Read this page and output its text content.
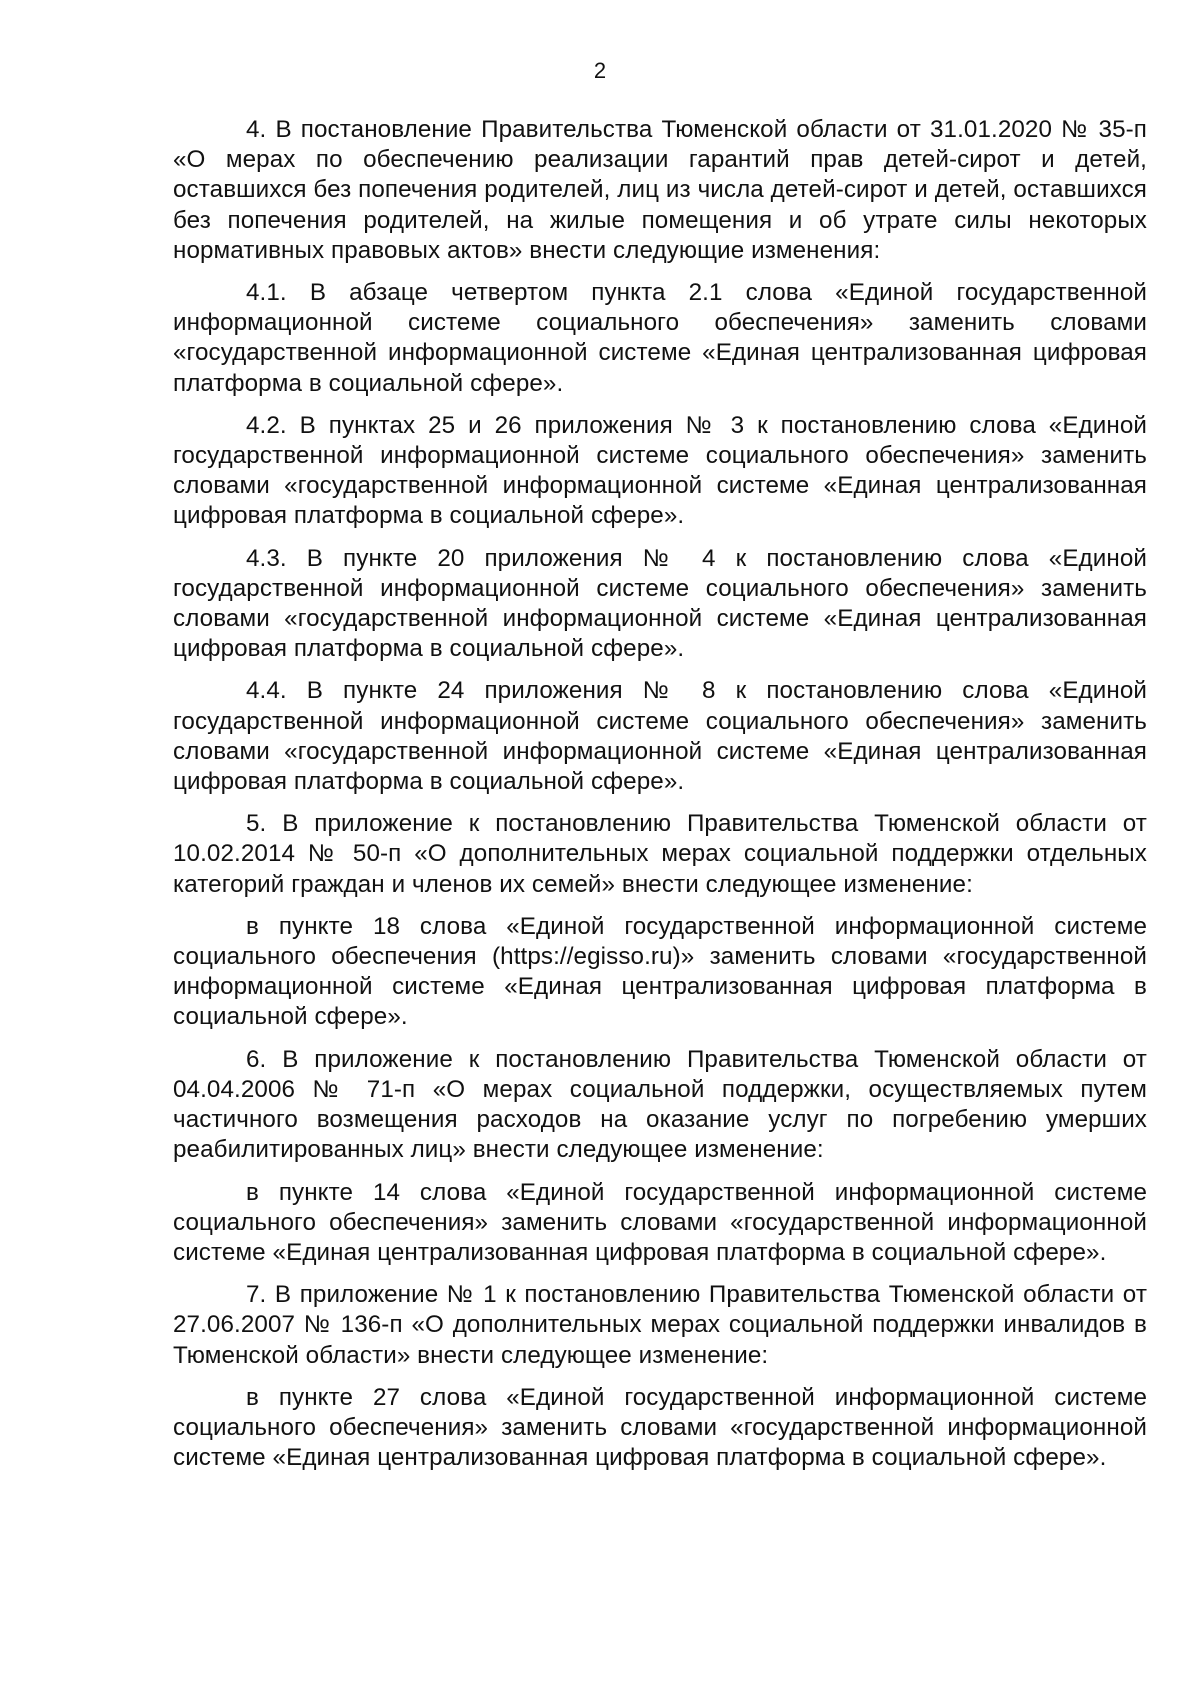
2

4. В постановление Правительства Тюменской области от 31.01.2020 № 35-п «О мерах по обеспечению реализации гарантий прав детей-сирот и детей, оставшихся без попечения родителей, лиц из числа детей-сирот и детей, оставшихся без попечения родителей, на жилые помещения и об утрате силы некоторых нормативных правовых актов» внести следующие изменения:

4.1. В абзаце четвертом пункта 2.1 слова «Единой государственной информационной системе социального обеспечения» заменить словами «государственной информационной системе «Единая централизованная цифровая платформа в социальной сфере».

4.2. В пунктах 25 и 26 приложения № 3 к постановлению слова «Единой государственной информационной системе социального обеспечения» заменить словами «государственной информационной системе «Единая централизованная цифровая платформа в социальной сфере».

4.3. В пункте 20 приложения № 4 к постановлению слова «Единой государственной информационной системе социального обеспечения» заменить словами «государственной информационной системе «Единая централизованная цифровая платформа в социальной сфере».

4.4. В пункте 24 приложения № 8 к постановлению слова «Единой государственной информационной системе социального обеспечения» заменить словами «государственной информационной системе «Единая централизованная цифровая платформа в социальной сфере».

5. В приложение к постановлению Правительства Тюменской области от 10.02.2014 № 50-п «О дополнительных мерах социальной поддержки отдельных категорий граждан и членов их семей» внести следующее изменение:

в пункте 18 слова «Единой государственной информационной системе социального обеспечения (https://egisso.ru)» заменить словами «государственной информационной системе «Единая централизованная цифровая платформа в социальной сфере».

6. В приложение к постановлению Правительства Тюменской области от 04.04.2006 № 71-п «О мерах социальной поддержки, осуществляемых путем частичного возмещения расходов на оказание услуг по погребению умерших реабилитированных лиц» внести следующее изменение:

в пункте 14 слова «Единой государственной информационной системе социального обеспечения» заменить словами «государственной информационной системе «Единая централизованная цифровая платформа в социальной сфере».

7. В приложение № 1 к постановлению Правительства Тюменской области от 27.06.2007 № 136-п «О дополнительных мерах социальной поддержки инвалидов в Тюменской области» внести следующее изменение:

в пункте 27 слова «Единой государственной информационной системе социального обеспечения» заменить словами «государственной информационной системе «Единая централизованная цифровая платформа в социальной сфере».
